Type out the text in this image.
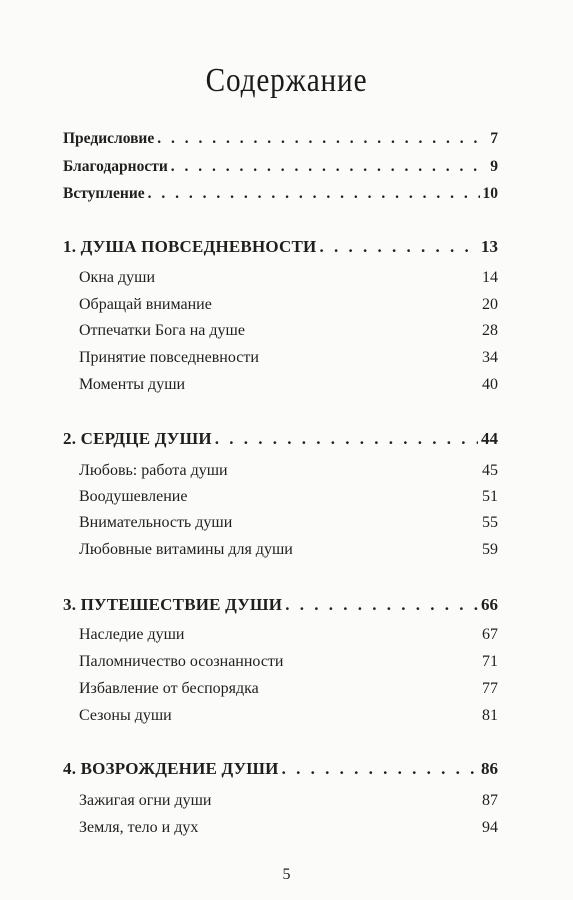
Содержание
Предисловие . . .	7
Благодарности . . .	9
Вступление . . .	10
1. ДУША ПОВСЕДНЕВНОСТИ . . .	13
Окна души	14
Обращай внимание	20
Отпечатки Бога на душе	28
Принятие повседневности	34
Моменты души	40
2. СЕРДЦЕ ДУШИ . . .	44
Любовь: работа души	45
Воодушевление	51
Внимательность души	55
Любовные витамины для души	59
3. ПУТЕШЕСТВИЕ ДУШИ . . .	66
Наследие души	67
Паломничество осознанности	71
Избавление от беспорядка	77
Сезоны души	81
4. ВОЗРОЖДЕНИЕ ДУШИ . . .	86
Зажигая огни души	87
Земля, тело и дух	94
5
